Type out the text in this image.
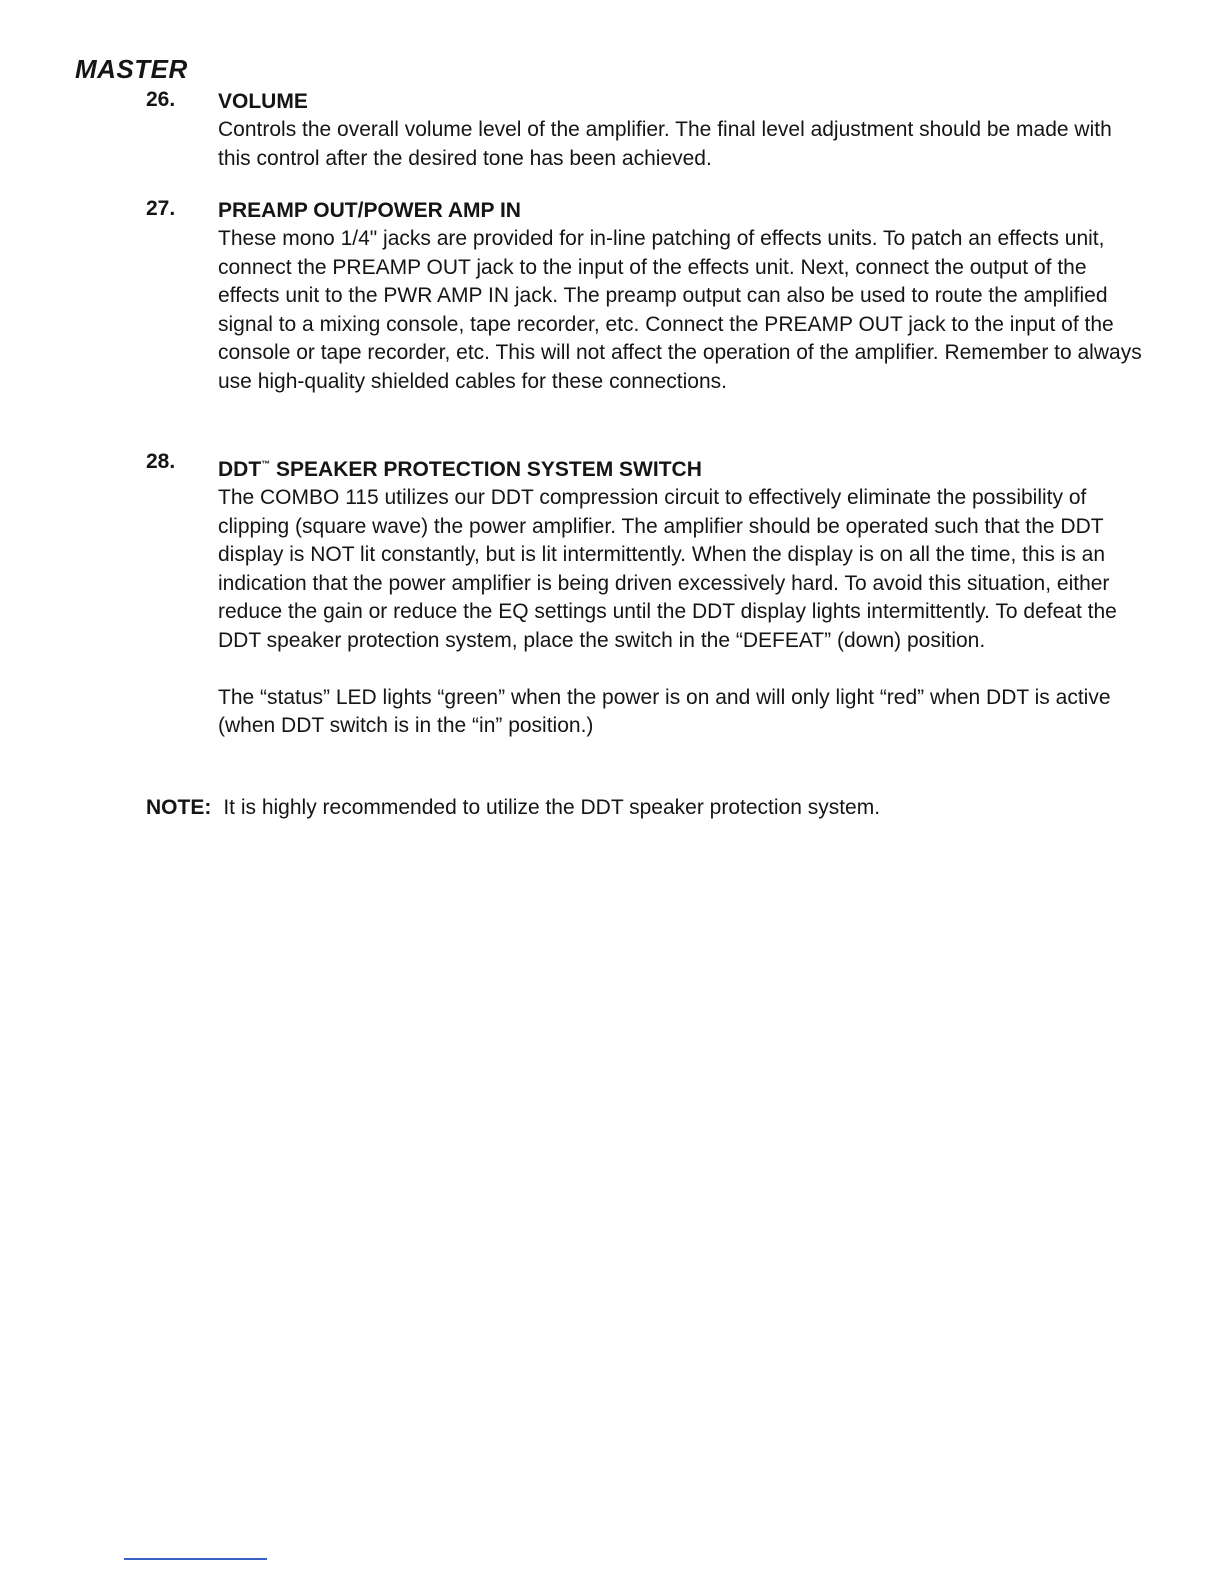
MASTER
26. VOLUME

Controls the overall volume level of the amplifier. The final level adjustment should be made with this control after the desired tone has been achieved.

27. PREAMP OUT/POWER AMP IN

These mono 1/4" jacks are provided for in-line patching of effects units. To patch an effects unit, connect the PREAMP OUT jack to the input of the effects unit. Next, connect the output of the effects unit to the PWR AMP IN jack. The preamp output can also be used to route the amplified signal to a mixing console, tape recorder, etc. Connect the PREAMP OUT jack to the input of the console or tape recorder, etc. This will not affect the operation of the amplifier. Remember to always use high-quality shielded cables for these connections.

28. DDT™ SPEAKER PROTECTION SYSTEM SWITCH

The COMBO 115 utilizes our DDT compression circuit to effectively eliminate the possibility of clipping (square wave) the power amplifier. The amplifier should be operated such that the DDT display is NOT lit constantly, but is lit intermittently. When the display is on all the time, this is an indication that the power amplifier is being driven excessively hard. To avoid this situation, either reduce the gain or reduce the EQ settings until the DDT display lights intermittently. To defeat the DDT speaker protection system, place the switch in the “DEFEAT” (down) position.

The “status” LED lights “green” when the power is on and will only light “red” when DDT is active (when DDT switch is in the “in” position.)

NOTE: It is highly recommended to utilize the DDT speaker protection system.
